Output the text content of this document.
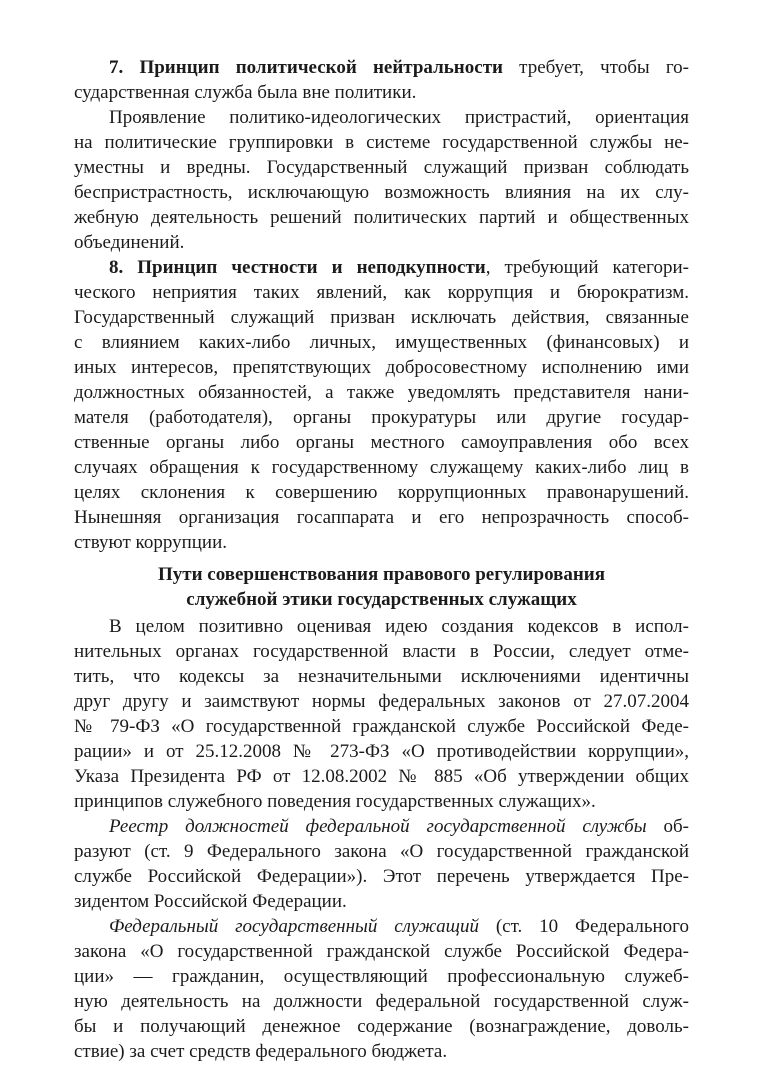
7. Принцип политической нейтральности требует, чтобы го-
сударственная служба была вне политики.
Проявление политико-идеологических пристрастий, ориентация
на политические группировки в системе государственной службы не-
уместны и вредны. Государственный служащий призван соблюдать
беспристрастность, исключающую возможность влияния на их слу-
жебную деятельность решений политических партий и общественных
объединений.
8. Принцип честности и неподкупности, требующий категори-
ческого неприятия таких явлений, как коррупция и бюрократизм.
Государственный служащий призван исключать действия, связанные
с влиянием каких-либо личных, имущественных (финансовых) и
иных интересов, препятствующих добросовестному исполнению ими
должностных обязанностей, а также уведомлять представителя нани-
мателя (работодателя), органы прокуратуры или другие государ-
ственные органы либо органы местного самоуправления обо всех
случаях обращения к государственному служащему каких-либо лиц в
целях склонения к совершению коррупционных правонарушений.
Нынешняя организация госаппарата и его непрозрачность способ-
ствуют коррупции.
Пути совершенствования правового регулирования
служебной этики государственных служащих
В целом позитивно оценивая идею создания кодексов в испол-
нительных органах государственной власти в России, следует отме-
тить, что кодексы за незначительными исключениями идентичны
друг другу и заимствуют нормы федеральных законов от 27.07.2004
№ 79-ФЗ «О государственной гражданской службе Российской Феде-
рации» и от 25.12.2008 № 273-ФЗ «О противодействии коррупции»,
Указа Президента РФ от 12.08.2002 № 885 «Об утверждении общих
принципов служебного поведения государственных служащих».
Реестр должностей федеральной государственной службы об-
разуют (ст. 9 Федерального закона «О государственной гражданской
службе Российской Федерации»). Этот перечень утверждается Пре-
зидентом Российской Федерации.
Федеральный государственный служащий (ст. 10 Федерального
закона «О государственной гражданской службе Российской Федера-
ции» — гражданин, осуществляющий профессиональную служеб-
ную деятельность на должности федеральной государственной служ-
бы и получающий денежное содержание (вознаграждение, доволь-
ствие) за счет средств федерального бюджета.
